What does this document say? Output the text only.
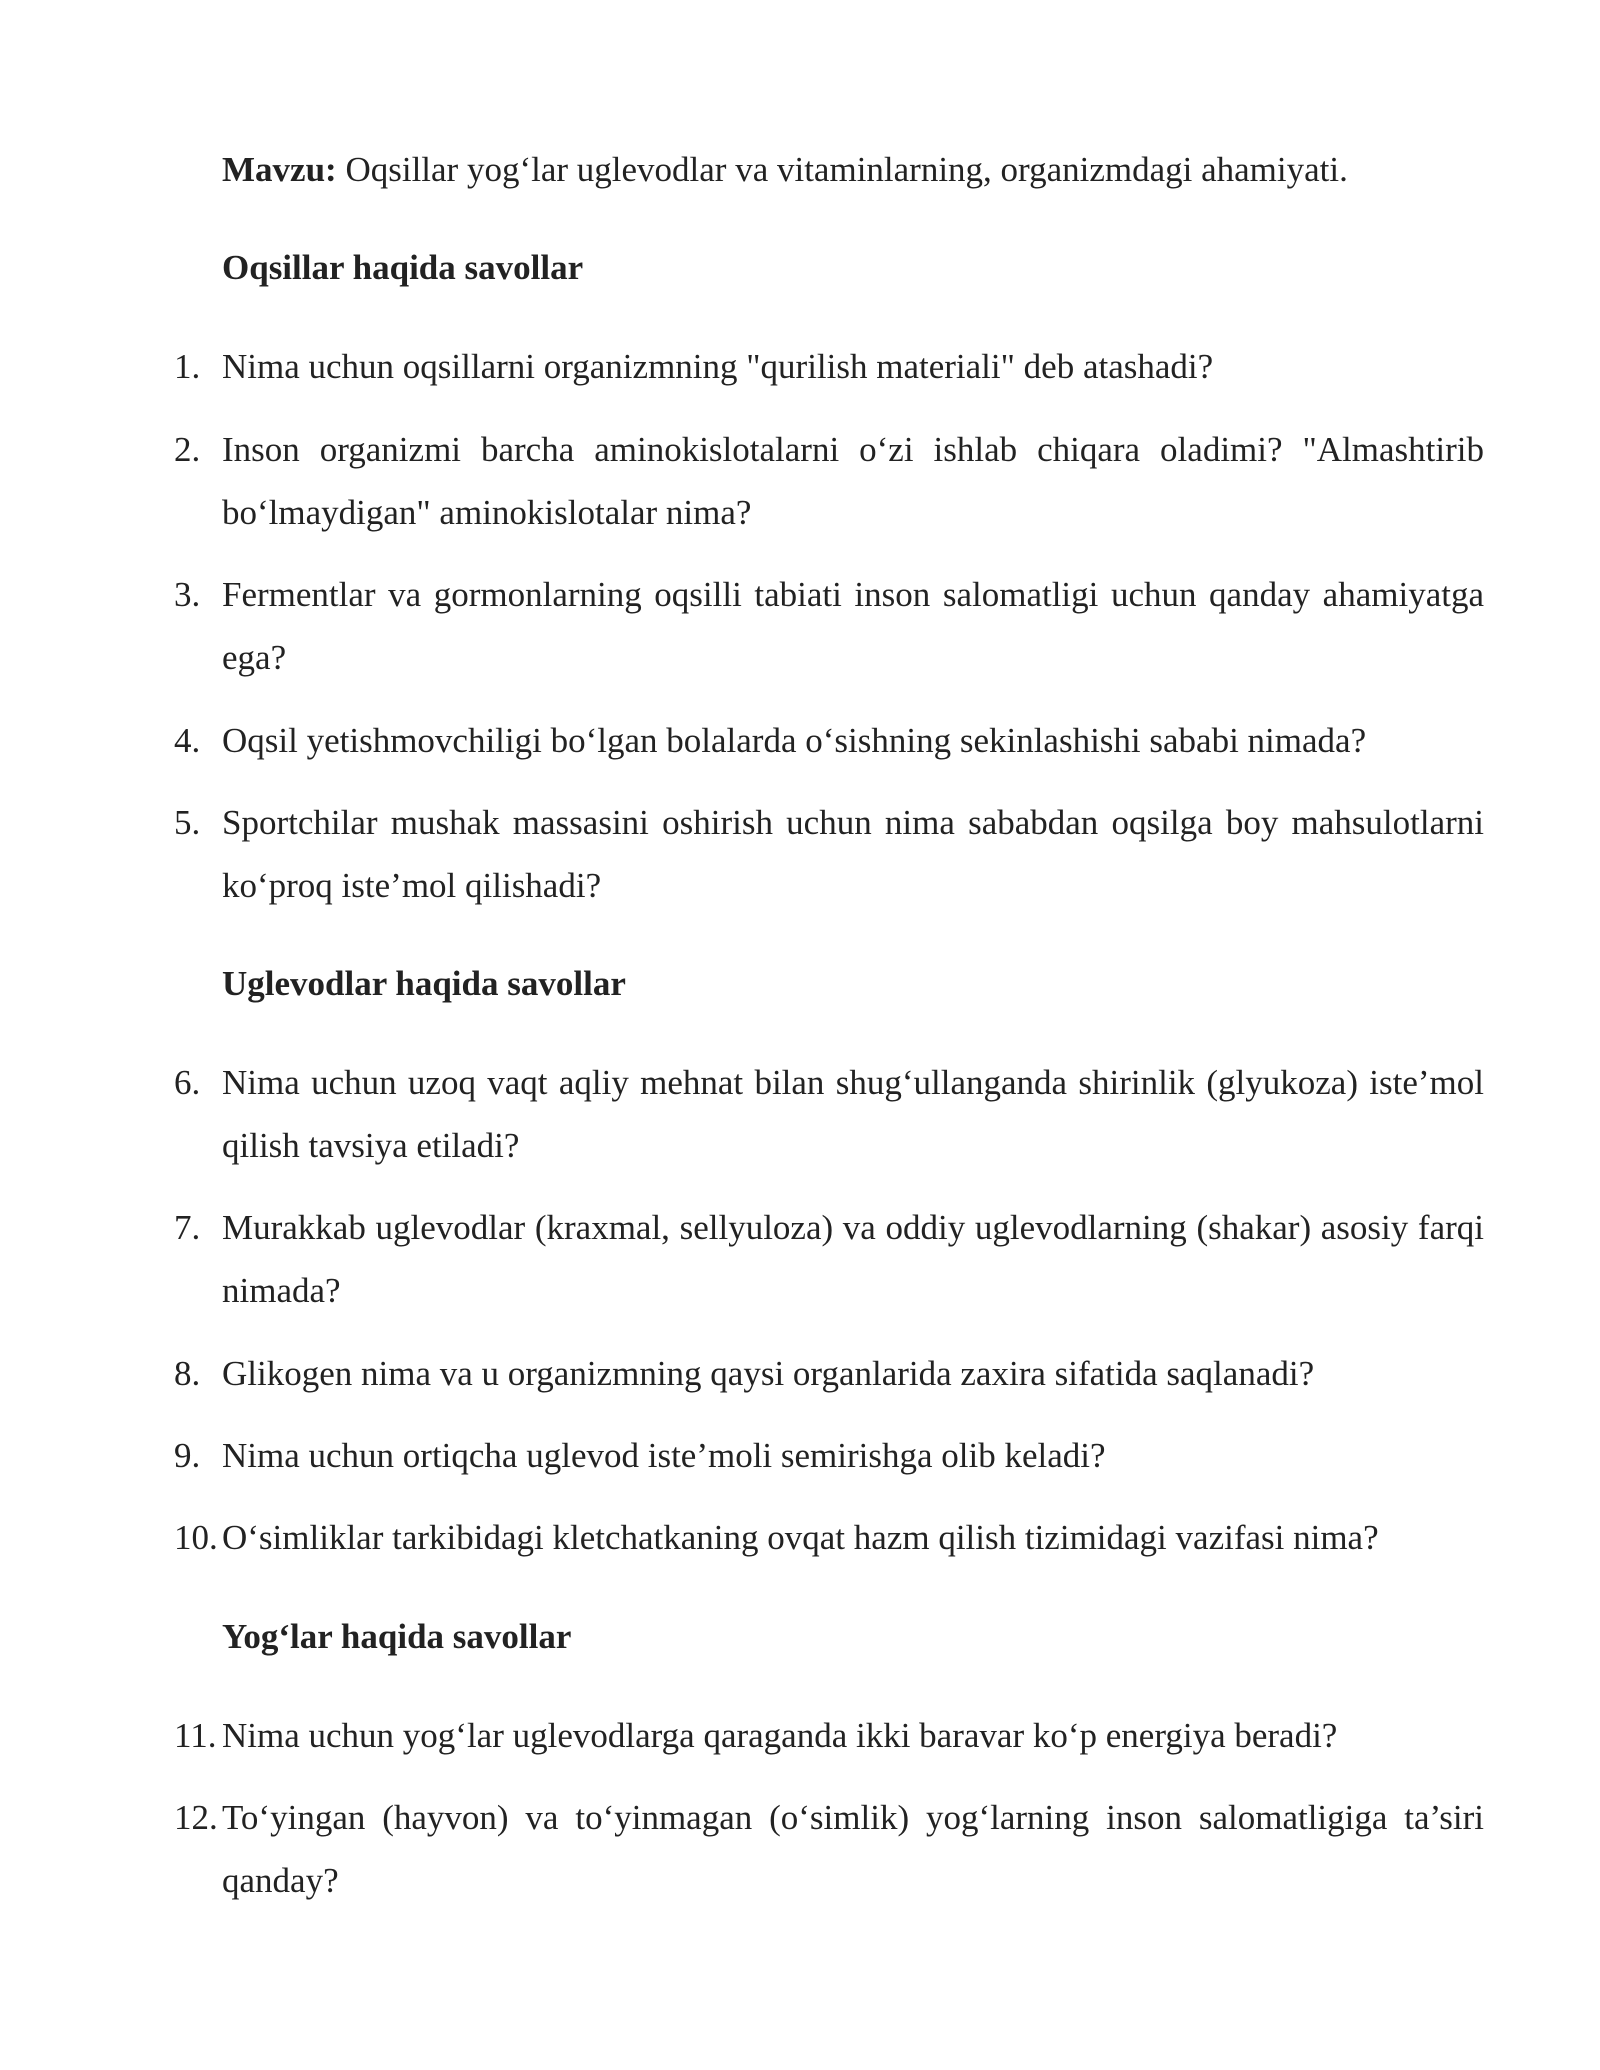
Mavzu: Oqsillar yog‘lar uglevodlar va vitaminlarning, organizmdagi ahamiyati.
Oqsillar haqida savollar
1. Nima uchun oqsillarni organizmning "qurilish materiali" deb atashadi?
2. Inson organizmi barcha aminokislotalarni o‘zi ishlab chiqara oladimi? "Almashtirib bo‘lmaydigan" aminokislotalar nima?
3. Fermentlar va gormonlarning oqsilli tabiati inson salomatligi uchun qanday ahamiyatga ega?
4. Oqsil yetishmovchiligi bo‘lgan bolalarda o‘sishning sekinlashishi sababi nimada?
5. Sportchilar mushak massasini oshirish uchun nima sababdan oqsilga boy mahsulotlarni ko‘proq iste’mol qilishadi?
Uglevodlar haqida savollar
6. Nima uchun uzoq vaqt aqliy mehnat bilan shug‘ullanganda shirinlik (glyukoza) iste’mol qilish tavsiya etiladi?
7. Murakkab uglevodlar (kraxmal, sellyuloza) va oddiy uglevodlarning (shakar) asosiy farqi nimada?
8. Glikogen nima va u organizmning qaysi organlarida zaxira sifatida saqlanadi?
9. Nima uchun ortiqcha uglevod iste’moli semirishga olib keladi?
10. O‘simliklar tarkibidagi kletchatkaning ovqat hazm qilish tizimidagi vazifasi nima?
Yog‘lar haqida savollar
11. Nima uchun yog‘lar uglevodlarga qaraganda ikki baravar ko‘p energiya beradi?
12. To‘yingan (hayvon) va to‘yinmagan (o‘simlik) yog‘larning inson salomatligiga ta’siri qanday?
